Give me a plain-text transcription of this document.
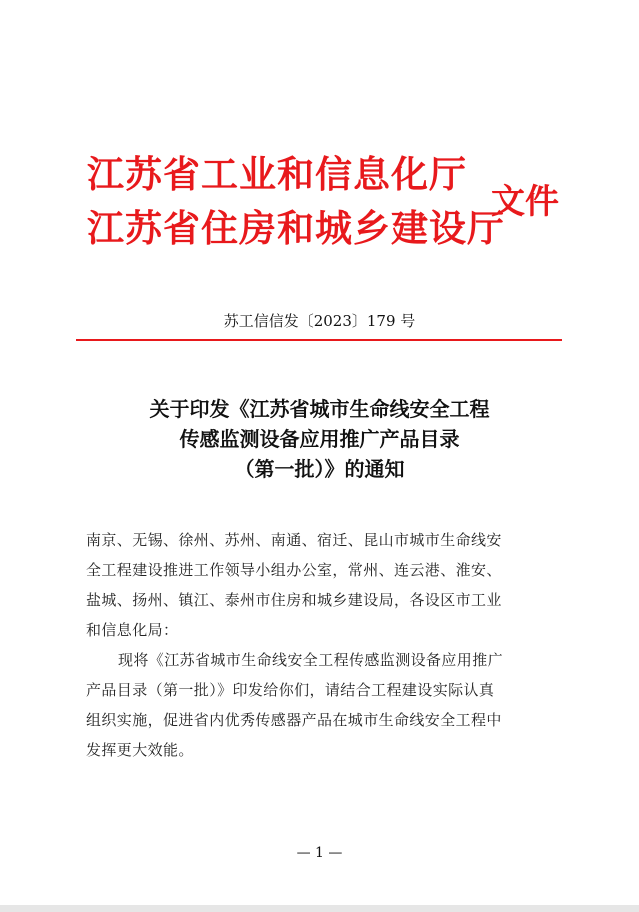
江苏省工业和信息化厅
江苏省住房和城乡建设厅
文件
苏工信信发〔2023〕179 号
关于印发《江苏省城市生命线安全工程
传感监测设备应用推广产品目录
（第一批）》的通知
南京、无锡、徐州、苏州、南通、宿迁、昆山市城市生命线安
全工程建设推进工作领导小组办公室，常州、连云港、淮安、
盐城、扬州、镇江、泰州市住房和城乡建设局，各设区市工业
和信息化局：
现将《江苏省城市生命线安全工程传感监测设备应用推广
产品目录（第一批）》印发给你们，请结合工程建设实际认真
组织实施，促进省内优秀传感器产品在城市生命线安全工程中
发挥更大效能。
— 1 —
